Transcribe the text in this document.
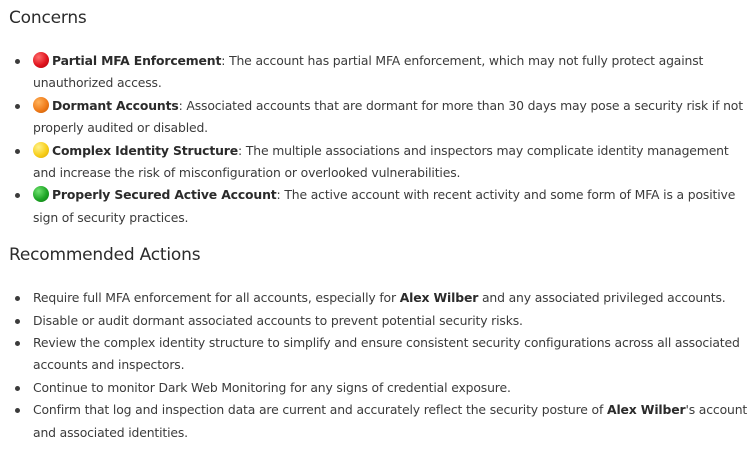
Concerns
Partial MFA Enforcement: The account has partial MFA enforcement, which may not fully protect against unauthorized access.
Dormant Accounts: Associated accounts that are dormant for more than 30 days may pose a security risk if not properly audited or disabled.
Complex Identity Structure: The multiple associations and inspectors may complicate identity management and increase the risk of misconfiguration or overlooked vulnerabilities.
Properly Secured Active Account: The active account with recent activity and some form of MFA is a positive sign of security practices.
Recommended Actions
Require full MFA enforcement for all accounts, especially for Alex Wilber and any associated privileged accounts.
Disable or audit dormant associated accounts to prevent potential security risks.
Review the complex identity structure to simplify and ensure consistent security configurations across all associated accounts and inspectors.
Continue to monitor Dark Web Monitoring for any signs of credential exposure.
Confirm that log and inspection data are current and accurately reflect the security posture of Alex Wilber's account and associated identities.
